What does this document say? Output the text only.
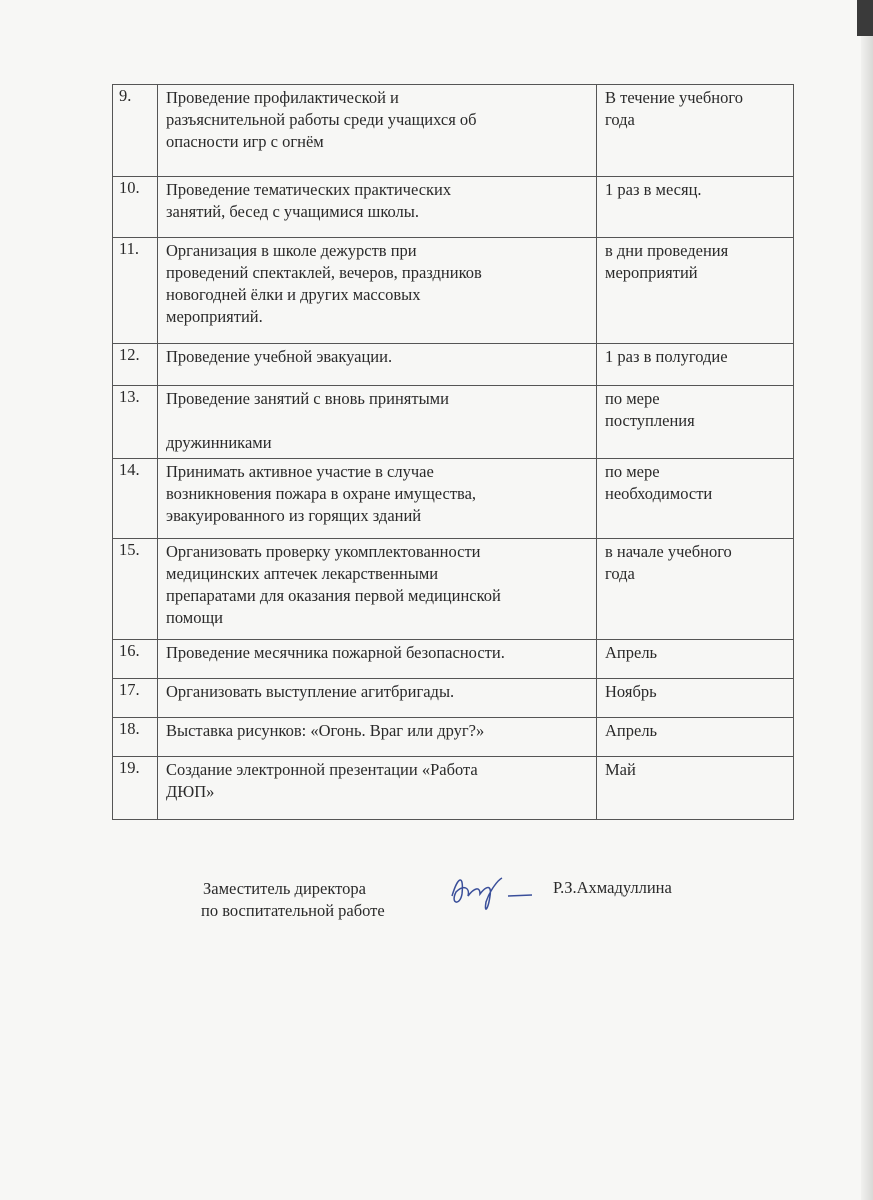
9.	Проведение профилактической и
разъяснительной работы среди учащихся об
опасности игр с огнём	В течение учебного
года
10.	Проведение тематических практических
занятий, бесед с учащимися школы.	1 раз в месяц.
11.	Организация в школе дежурств при
проведений спектаклей, вечеров, праздников
новогодней ёлки и других массовых
мероприятий.	в дни проведения
мероприятий
12.	Проведение учебной эвакуации.	1 раз в полугодие
13.	Проведение занятий с вновь принятыми

дружинниками	по мере
поступления
14.	Принимать активное участие в случае
возникновения пожара в охране имущества,
эвакуированного из горящих зданий	по мере
необходимости
15.	Организовать проверку укомплектованности
медицинских аптечек лекарственными
препаратами для оказания первой медицинской
помощи	в начале учебного
года
16.	Проведение месячника пожарной безопасности.	Апрель
17.	Организовать выступление агитбригады.	Ноябрь
18.	Выставка рисунков: «Огонь. Враг или друг?»	Апрель
19.	Создание электронной презентации «Работа
ДЮП»	Май
Заместитель директора
по воспитательной работе
Р.З.Ахмадуллина
